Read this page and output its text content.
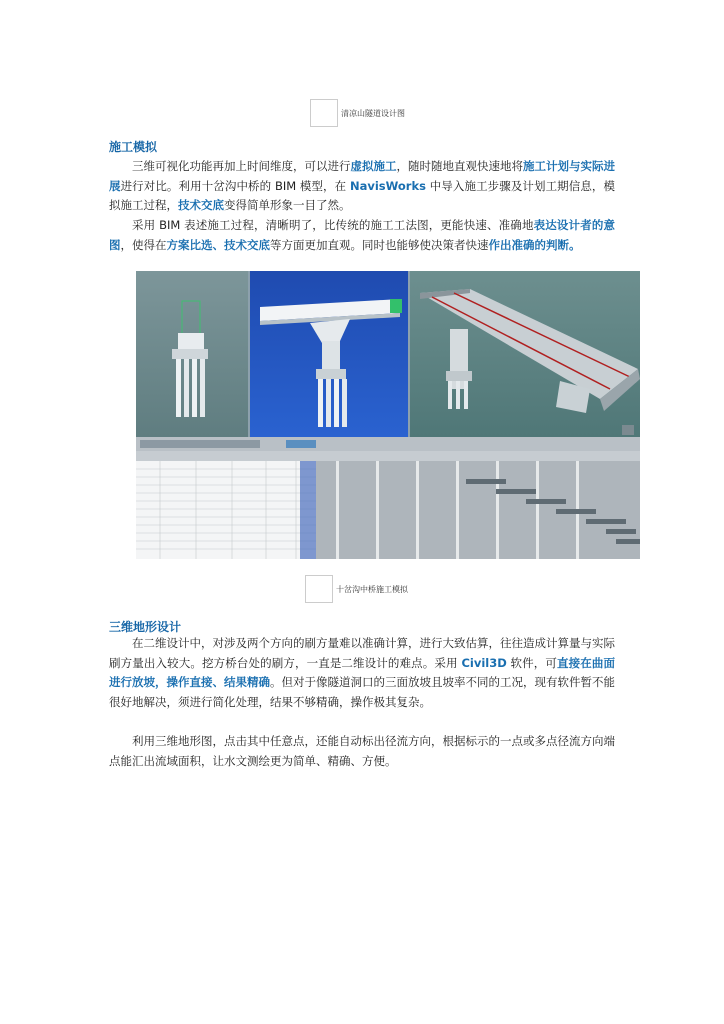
清凉山隧道设计图
施工模拟

三维可视化功能再加上时间维度，可以进行虚拟施工，随时随地直观快速地将施工计划与实际进展进行对比。利用十岔沟中桥的 BIM 模型，在 NavisWorks 中导入施工步骤及计划工期信息，模拟施工过程，技术交底变得简单形象一目了然。

采用 BIM 表述施工过程，清晰明了，比传统的施工工法图，更能快速、准确地表达设计者的意图，使得在方案比选、技术交底等方面更加直观。同时也能够使决策者快速作出准确的判断。

十岔沟中桥施工模拟
三维地形设计

在二维设计中，对涉及两个方向的刷方量难以准确计算，进行大致估算，往往造成计算量与实际刷方量出入较大。挖方桥台处的刷方，一直是二维设计的难点。采用 Civil3D 软件，可直接在曲面进行放坡，操作直接、结果精确。但对于像隧道洞口的三面放坡且坡率不同的工况，现有软件暂不能很好地解决，须进行简化处理，结果不够精确，操作极其复杂。

利用三维地形图，点击其中任意点，还能自动标出径流方向，根据标示的一点或多点径流方向端点能汇出流域面积，让水文测绘更为简单、精确、方便。
